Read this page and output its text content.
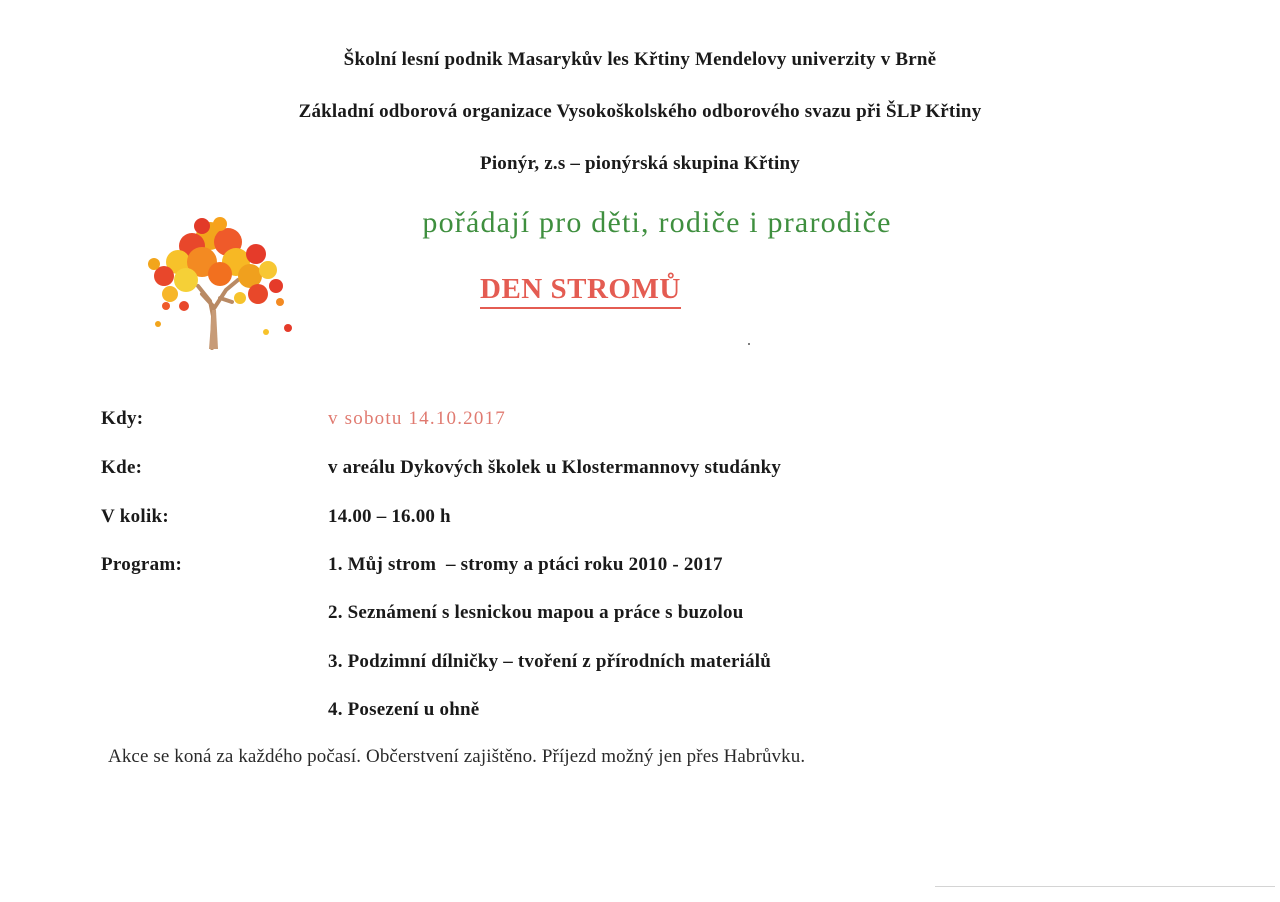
Školní lesní podnik Masarykův les Křtiny Mendelovy univerzity v Brně
Základní odborová organizace Vysokoškolského odborového svazu při ŠLP Křtiny
Pionýr, z.s – pionýrská skupina Křtiny
pořádají pro děti, rodiče i prarodiče
DEN STROMŮ
Kdy:	v sobotu 14.10.2017
Kde:	v areálu Dykových školek u Klostermannovy studánky
V kolik:	14.00 – 16.00 h
Program:	1. Můj strom  – stromy a ptáci roku 2010 - 2017
2. Seznámení s lesnickou mapou a práce s buzolou
3. Podzimní dílničky – tvoření z přírodních materiálů
4. Posezení u ohně
Akce se koná za každého počasí. Občerstvení zajištěno. Příjezd možný jen přes Habrůvku.
